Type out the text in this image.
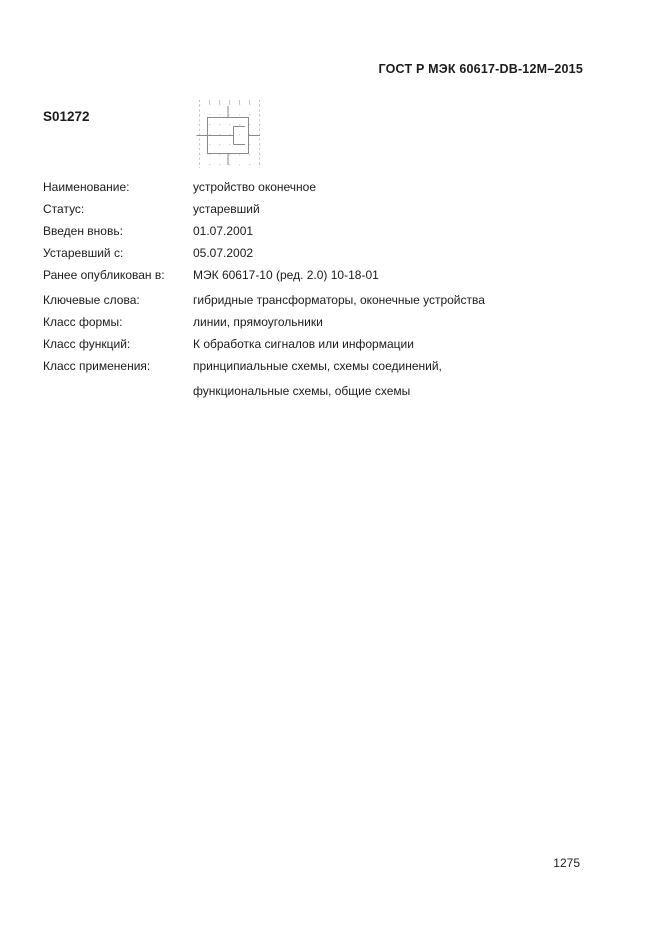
ГОСТ Р МЭК 60617-DB-12M–2015
S01272
Наименование:	устройство оконечное
Статус:	устаревший
Введен вновь:	01.07.2001
Устаревший с:	05.07.2002
Ранее опубликован в:	МЭК 60617-10 (ред. 2.0) 10-18-01
Ключевые слова:	гибридные трансформаторы, оконечные устройства
Класс формы:	линии, прямоугольники
Класс функций:	К обработка сигналов или информации
Класс применения:	принципиальные схемы, схемы соединений,
функциональные схемы, общие схемы
1275
